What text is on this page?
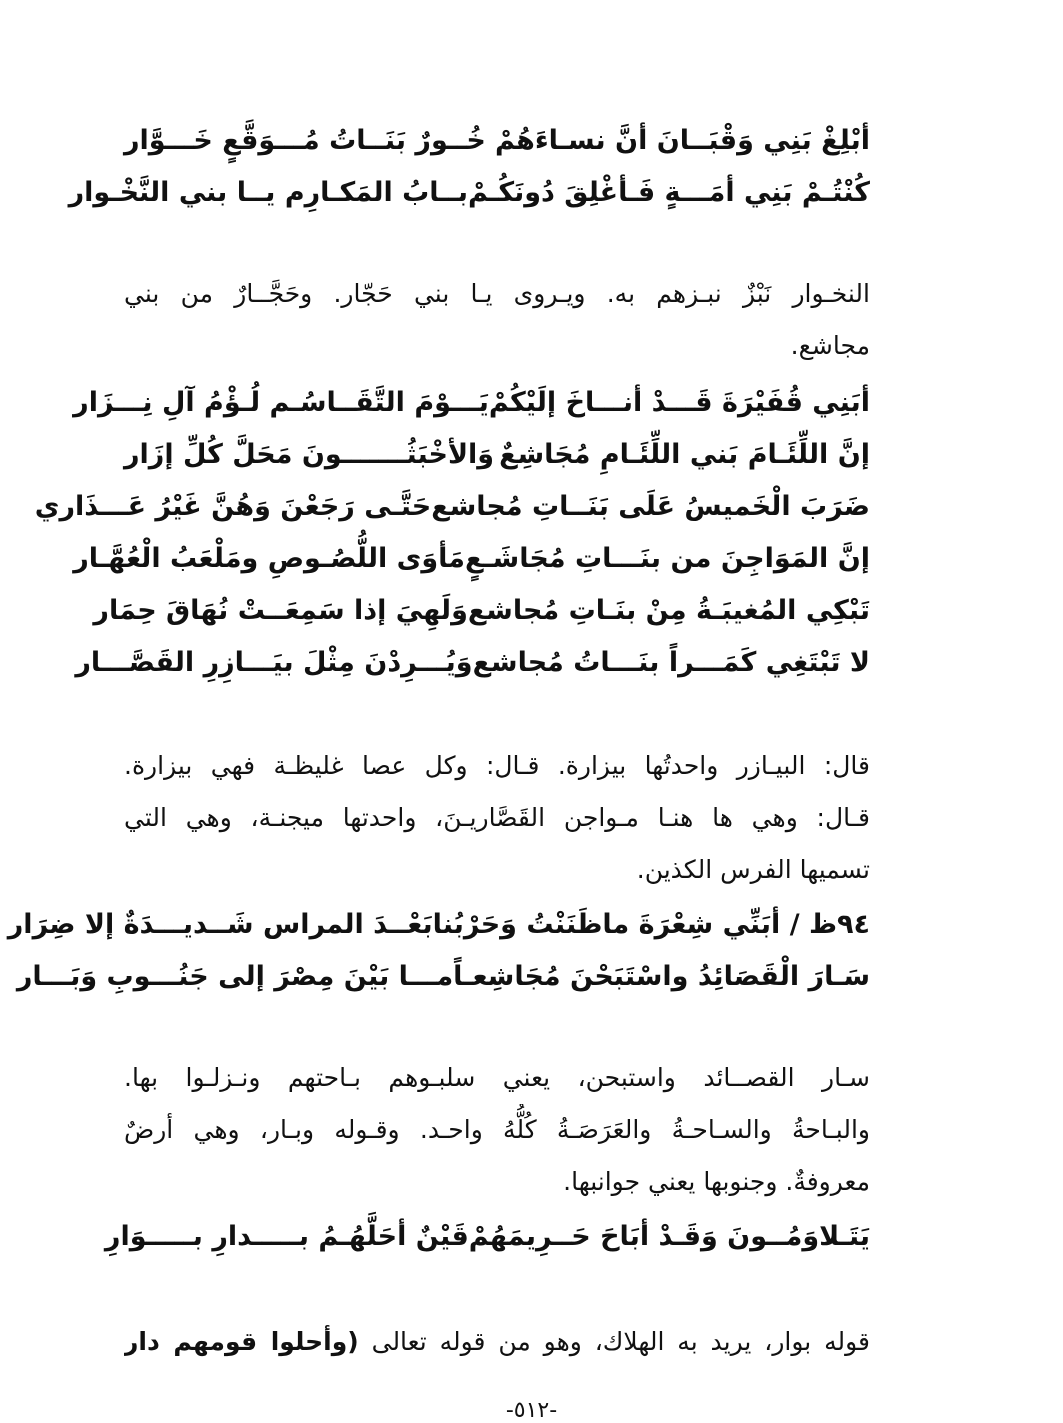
أبْلِغْ بَنِي وَقْبَــانَ أنَّ نسـاءَهُمْ
خُــورٌ بَنَــاتُ مُـــوَقَّعٍ خَـــوَّار
كُنْتُـمْ بَنِي أمَـــةٍ فَـأغْلِقَ دُونَكُـمْ
بــابُ المَكـارِم يــا بني النَّخْـوار
النخـوار نَبْزٌ نبـزهم به. ويـروى يـا بني حَجّار. وحَجَّــارٌ من بني
مجاشع.
أبَنِي قُفَيْرَةَ قَـــدْ أنـــاخَ إلَيْكُمْ
يَـــوْمَ التَّقَــاسُـم لُـؤْمُ آلِ نِـــزَار
إنَّ اللِّئَـامَ بَني اللِّئَـامِ مُجَاشِعٌ
وَالأخْبَثُـــــــونَ مَحَلَّ كُلِّ إزَار
ضَرَبَ الْخَميسُ عَلَى بَنَــاتِ مُجاشع
حَتَّـى رَجَعْنَ وَهُنَّ غَيْرُ عَـــذَاري
إنَّ المَوَاجِنَ من بنَـــاتِ مُجَاشَـعٍ
مَأوَى اللُّصُـوصِ ومَلْعَبُ الْعُهَّـار
تَبْكِي المُغيبَـةُ مِنْ بنَـاتِ مُجاشع
وَلَهِيَ إذا سَمِعَــتْ نُهَاقَ حِمَار
لا تَبْتَغِي كَمَـــراً بنَـــاتُ مُجاشع
وَيُـــرِدْنَ مِثْلَ بيَـــازِرِ القَصَّـــار
قال: البيـازر واحدتُها بيزارة. قـال: وكل عصا غليظـة فهي بيزارة.
قـال: وهي ها هنـا مـواجن القَصَّاريـنَ، واحدتها ميجنـة، وهي التي
تسميها الفرس الكذين.
٩٤ظ / أبَنِّي شِعْرَةَ ماظَنَنْتُ وَحَرْبُنا
بَعْــدَ المراس شَــديـــدَةٌ إلا ضِرَار
سَـارَ الْقَصَائِدُ واسْتَبَحْنَ مُجَاشِعـاً
مـــا بَيْنَ مِصْرَ إلى جَنُـــوبِ وَبَـــار
سـار القصــائد واستبحن، يعني سلبـوهم بـاحتهم ونـزلـوا بها.
والبـاحةُ والسـاحـةُ والعَرَصَـةُ كُلُّهُ واحـد. وقـوله وبـار، وهي أرضٌ
معروفةٌ. وجنوبها يعني جوانبها.
يَتَـلاوَمُــونَ وَقَـدْ أبَاحَ حَــرِيمَهُمْ
قَيْنٌ أحَلَّهُـمُ بـــــدارِ بـــــوَارِ
قوله بوار، يريد به الهلاك، وهو من قوله تعالى (وأحلوا قومهم دار
-٥١٢-
